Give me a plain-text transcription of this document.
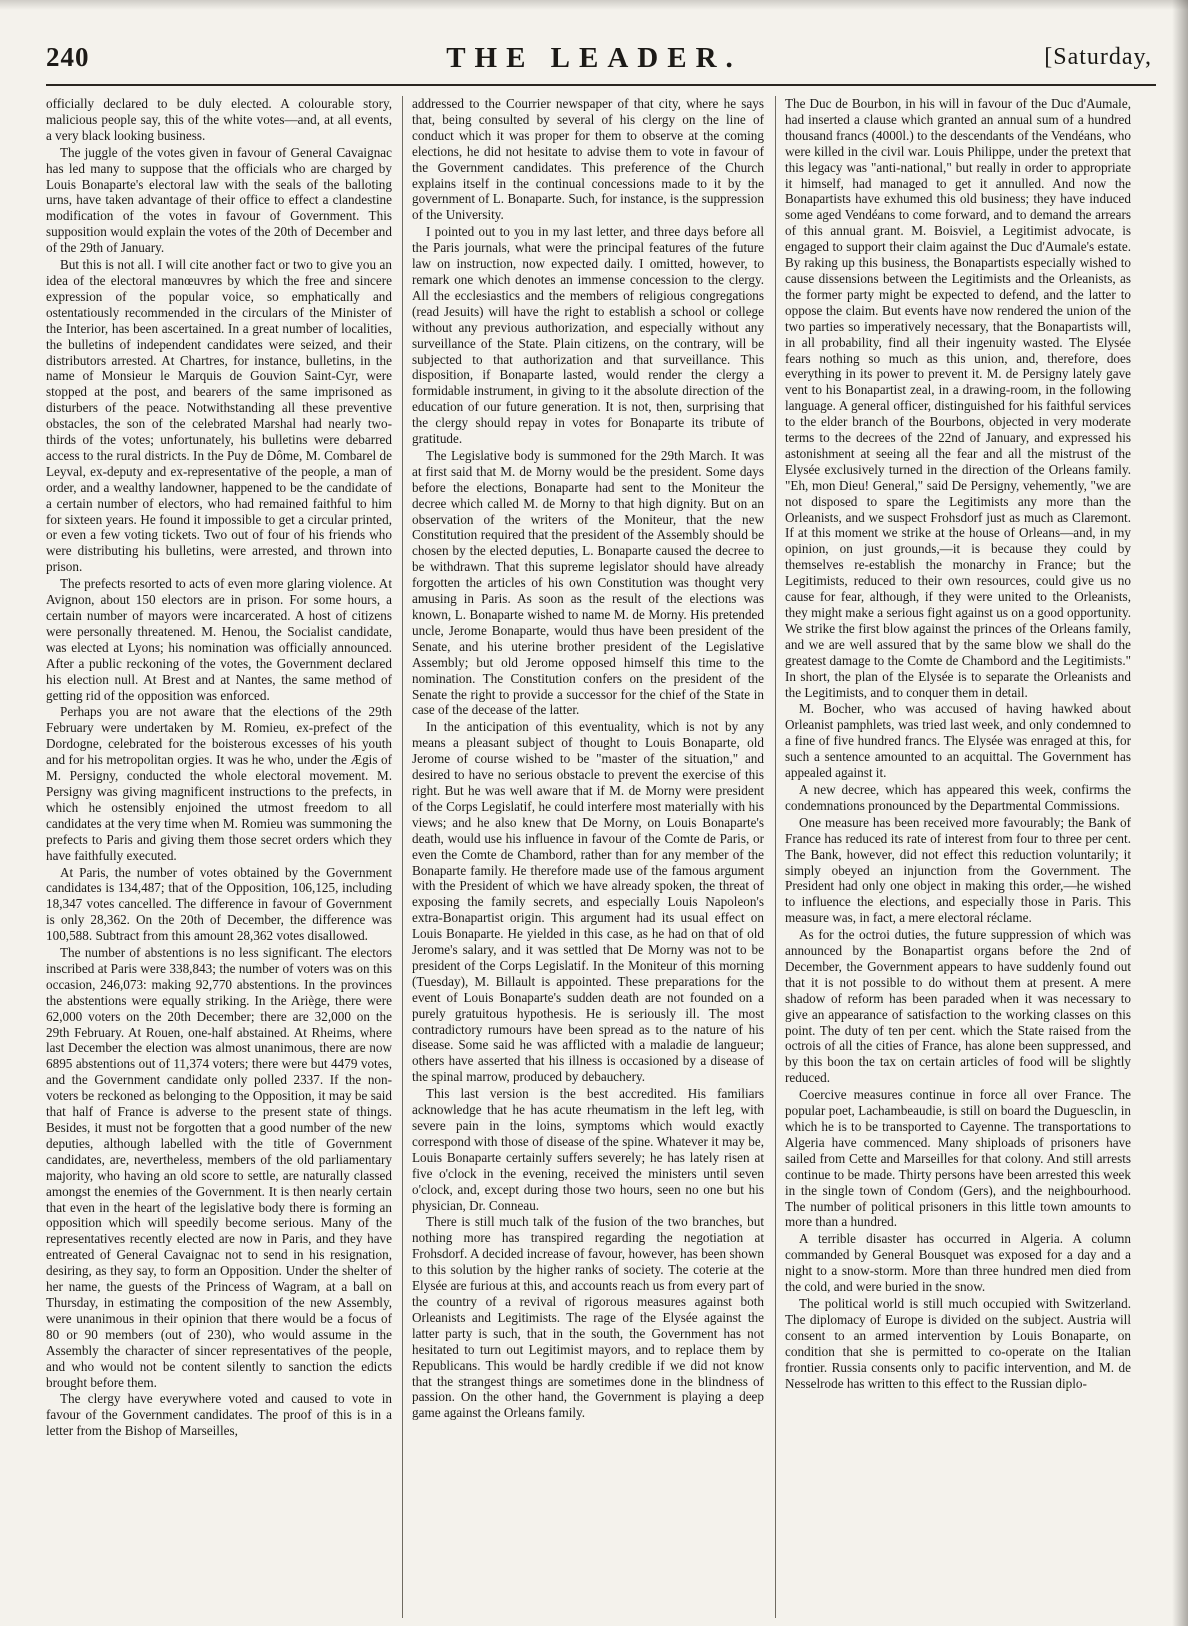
240	THE LEADER.	[Saturday,

officially declared to be duly elected. A colourable story, malicious people say, this of the white votes—and, at all events, a very black looking business.

The juggle of the votes given in favour of General Cavaignac has led many to suppose that the officials who are charged by Louis Bonaparte's electoral law with the seals of the balloting urns, have taken advantage of their office to effect a clandestine modification of the votes in favour of Government. This supposition would explain the votes of the 20th of December and of the 29th of January.

But this is not all. I will cite another fact or two to give you an idea of the electoral manœuvres by which the free and sincere expression of the popular voice, so emphatically and ostentatiously recommended in the circulars of the Minister of the Interior, has been ascertained. In a great number of localities, the bulletins of independent candidates were seized, and their distributors arrested. At Chartres, for instance, bulletins, in the name of Monsieur le Marquis de Gouvion Saint-Cyr, were stopped at the post, and bearers of the same imprisoned as disturbers of the peace. Notwithstanding all these preventive obstacles, the son of the celebrated Marshal had nearly two-thirds of the votes; unfortunately, his bulletins were debarred access to the rural districts. In the Puy de Dôme, M. Combarel de Leyval, ex-deputy and ex-representative of the people, a man of order, and a wealthy landowner, happened to be the candidate of a certain number of electors, who had remained faithful to him for sixteen years. He found it impossible to get a circular printed, or even a few voting tickets. Two out of four of his friends who were distributing his bulletins, were arrested, and thrown into prison.

The prefects resorted to acts of even more glaring violence. At Avignon, about 150 electors are in prison. For some hours, a certain number of mayors were incarcerated. A host of citizens were personally threatened. M. Henou, the Socialist candidate, was elected at Lyons; his nomination was officially announced. After a public reckoning of the votes, the Government declared his election null. At Brest and at Nantes, the same method of getting rid of the opposition was enforced.

Perhaps you are not aware that the elections of the 29th February were undertaken by M. Romieu, ex-prefect of the Dordogne, celebrated for the boisterous excesses of his youth and for his metropolitan orgies. It was he who, under the Ægis of M. Persigny, conducted the whole electoral movement. M. Persigny was giving magnificent instructions to the prefects, in which he ostensibly enjoined the utmost freedom to all candidates at the very time when M. Romieu was summoning the prefects to Paris and giving them those secret orders which they have faithfully executed.

At Paris, the number of votes obtained by the Government candidates is 134,487; that of the Opposition, 106,125, including 18,347 votes cancelled. The difference in favour of Government is only 28,362. On the 20th of December, the difference was 100,588. Subtract from this amount 28,362 votes disallowed.

The number of abstentions is no less significant. The electors inscribed at Paris were 338,843; the number of voters was on this occasion, 246,073: making 92,770 abstentions. In the provinces the abstentions were equally striking. In the Ariège, there were 62,000 voters on the 20th December; there are 32,000 on the 29th February. At Rouen, one-half abstained. At Rheims, where last December the election was almost unanimous, there are now 6895 abstentions out of 11,374 voters; there were but 4479 votes, and the Government candidate only polled 2337. If the non-voters be reckoned as belonging to the Opposition, it may be said that half of France is adverse to the present state of things. Besides, it must not be forgotten that a good number of the new deputies, although labelled with the title of Government candidates, are, nevertheless, members of the old parliamentary majority, who having an old score to settle, are naturally classed amongst the enemies of the Government. It is then nearly certain that even in the heart of the legislative body there is forming an opposition which will speedily become serious. Many of the representatives recently elected are now in Paris, and they have entreated of General Cavaignac not to send in his resignation, desiring, as they say, to form an Opposition. Under the shelter of her name, the guests of the Princess of Wagram, at a ball on Thursday, in estimating the composition of the new Assembly, were unanimous in their opinion that there would be a focus of 80 or 90 members (out of 230), who would assume in the Assembly the character of sincer representatives of the people, and who would not be content silently to sanction the edicts brought before them.

The clergy have everywhere voted and caused to vote in favour of the Government candidates. The proof of this is in a letter from the Bishop of Marseilles,

addressed to the Courrier newspaper of that city, where he says that, being consulted by several of his clergy on the line of conduct which it was proper for them to observe at the coming elections, he did not hesitate to advise them to vote in favour of the Government candidates. This preference of the Church explains itself in the continual concessions made to it by the government of L. Bonaparte. Such, for instance, is the suppression of the University.

I pointed out to you in my last letter, and three days before all the Paris journals, what were the principal features of the future law on instruction, now expected daily. I omitted, however, to remark one which denotes an immense concession to the clergy. All the ecclesiastics and the members of religious congregations (read Jesuits) will have the right to establish a school or college without any previous authorization, and especially without any surveillance of the State. Plain citizens, on the contrary, will be subjected to that authorization and that surveillance. This disposition, if Bonaparte lasted, would render the clergy a formidable instrument, in giving to it the absolute direction of the education of our future generation. It is not, then, surprising that the clergy should repay in votes for Bonaparte its tribute of gratitude.

The Legislative body is summoned for the 29th March. It was at first said that M. de Morny would be the president. Some days before the elections, Bonaparte had sent to the Moniteur the decree which called M. de Morny to that high dignity. But on an observation of the writers of the Moniteur, that the new Constitution required that the president of the Assembly should be chosen by the elected deputies, L. Bonaparte caused the decree to be withdrawn. That this supreme legislator should have already forgotten the articles of his own Constitution was thought very amusing in Paris. As soon as the result of the elections was known, L. Bonaparte wished to name M. de Morny. His pretended uncle, Jerome Bonaparte, would thus have been president of the Senate, and his uterine brother president of the Legislative Assembly; but old Jerome opposed himself this time to the nomination. The Constitution confers on the president of the Senate the right to provide a successor for the chief of the State in case of the decease of the latter.

In the anticipation of this eventuality, which is not by any means a pleasant subject of thought to Louis Bonaparte, old Jerome of course wished to be "master of the situation," and desired to have no serious obstacle to prevent the exercise of this right. But he was well aware that if M. de Morny were president of the Corps Legislatif, he could interfere most materially with his views; and he also knew that De Morny, on Louis Bonaparte's death, would use his influence in favour of the Comte de Paris, or even the Comte de Chambord, rather than for any member of the Bonaparte family. He therefore made use of the famous argument with the President of which we have already spoken, the threat of exposing the family secrets, and especially Louis Napoleon's extra-Bonapartist origin. This argument had its usual effect on Louis Bonaparte. He yielded in this case, as he had on that of old Jerome's salary, and it was settled that De Morny was not to be president of the Corps Legislatif. In the Moniteur of this morning (Tuesday), M. Billault is appointed. These preparations for the event of Louis Bonaparte's sudden death are not founded on a purely gratuitous hypothesis. He is seriously ill. The most contradictory rumours have been spread as to the nature of his disease. Some said he was afflicted with a maladie de langueur; others have asserted that his illness is occasioned by a disease of the spinal marrow, produced by debauchery.

This last version is the best accredited. His familiars acknowledge that he has acute rheumatism in the left leg, with severe pain in the loins, symptoms which would exactly correspond with those of disease of the spine. Whatever it may be, Louis Bonaparte certainly suffers severely; he has lately risen at five o'clock in the evening, received the ministers until seven o'clock, and, except during those two hours, seen no one but his physician, Dr. Conneau.

There is still much talk of the fusion of the two branches, but nothing more has transpired regarding the negotiation at Frohsdorf. A decided increase of favour, however, has been shown to this solution by the higher ranks of society. The coterie at the Elysée are furious at this, and accounts reach us from every part of the country of a revival of rigorous measures against both Orleanists and Legitimists. The rage of the Elysée against the latter party is such, that in the south, the Government has not hesitated to turn out Legitimist mayors, and to replace them by Republicans. This would be hardly credible if we did not know that the strangest things are sometimes done in the blindness of passion. On the other hand, the Government is playing a deep game against the Orleans family.

The Duc de Bourbon, in his will in favour of the Duc d'Aumale, had inserted a clause which granted an annual sum of a hundred thousand francs (4000l.) to the descendants of the Vendéans, who were killed in the civil war. Louis Philippe, under the pretext that this legacy was "anti-national," but really in order to appropriate it himself, had managed to get it annulled. And now the Bonapartists have exhumed this old business; they have induced some aged Vendéans to come forward, and to demand the arrears of this annual grant. M. Boisviel, a Legitimist advocate, is engaged to support their claim against the Duc d'Aumale's estate. By raking up this business, the Bonapartists especially wished to cause dissensions between the Legitimists and the Orleanists, as the former party might be expected to defend, and the latter to oppose the claim. But events have now rendered the union of the two parties so imperatively necessary, that the Bonapartists will, in all probability, find all their ingenuity wasted. The Elysée fears nothing so much as this union, and, therefore, does everything in its power to prevent it. M. de Persigny lately gave vent to his Bonapartist zeal, in a drawing-room, in the following language. A general officer, distinguished for his faithful services to the elder branch of the Bourbons, objected in very moderate terms to the decrees of the 22nd of January, and expressed his astonishment at seeing all the fear and all the mistrust of the Elysée exclusively turned in the direction of the Orleans family. "Eh, mon Dieu! General," said De Persigny, vehemently, "we are not disposed to spare the Legitimists any more than the Orleanists, and we suspect Frohsdorf just as much as Claremont. If at this moment we strike at the house of Orleans—and, in my opinion, on just grounds,—it is because they could by themselves re-establish the monarchy in France; but the Legitimists, reduced to their own resources, could give us no cause for fear, although, if they were united to the Orleanists, they might make a serious fight against us on a good opportunity. We strike the first blow against the princes of the Orleans family, and we are well assured that by the same blow we shall do the greatest damage to the Comte de Chambord and the Legitimists." In short, the plan of the Elysée is to separate the Orleanists and the Legitimists, and to conquer them in detail.

M. Bocher, who was accused of having hawked about Orleanist pamphlets, was tried last week, and only condemned to a fine of five hundred francs. The Elysée was enraged at this, for such a sentence amounted to an acquittal. The Government has appealed against it.

A new decree, which has appeared this week, confirms the condemnations pronounced by the Departmental Commissions.

One measure has been received more favourably; the Bank of France has reduced its rate of interest from four to three per cent. The Bank, however, did not effect this reduction voluntarily; it simply obeyed an injunction from the Government. The President had only one object in making this order,—he wished to influence the elections, and especially those in Paris. This measure was, in fact, a mere electoral réclame.

As for the octroi duties, the future suppression of which was announced by the Bonapartist organs before the 2nd of December, the Government appears to have suddenly found out that it is not possible to do without them at present. A mere shadow of reform has been paraded when it was necessary to give an appearance of satisfaction to the working classes on this point. The duty of ten per cent. which the State raised from the octrois of all the cities of France, has alone been suppressed, and by this boon the tax on certain articles of food will be slightly reduced.

Coercive measures continue in force all over France. The popular poet, Lachambeaudie, is still on board the Duguesclin, in which he is to be transported to Cayenne. The transportations to Algeria have commenced. Many shiploads of prisoners have sailed from Cette and Marseilles for that colony. And still arrests continue to be made. Thirty persons have been arrested this week in the single town of Condom (Gers), and the neighbourhood. The number of political prisoners in this little town amounts to more than a hundred.

A terrible disaster has occurred in Algeria. A column commanded by General Bousquet was exposed for a day and a night to a snow-storm. More than three hundred men died from the cold, and were buried in the snow.

The political world is still much occupied with Switzerland. The diplomacy of Europe is divided on the subject. Austria will consent to an armed intervention by Louis Bonaparte, on condition that she is permitted to co-operate on the Italian frontier. Russia consents only to pacific intervention, and M. de Nesselrode has written to this effect to the Russian diplo-
